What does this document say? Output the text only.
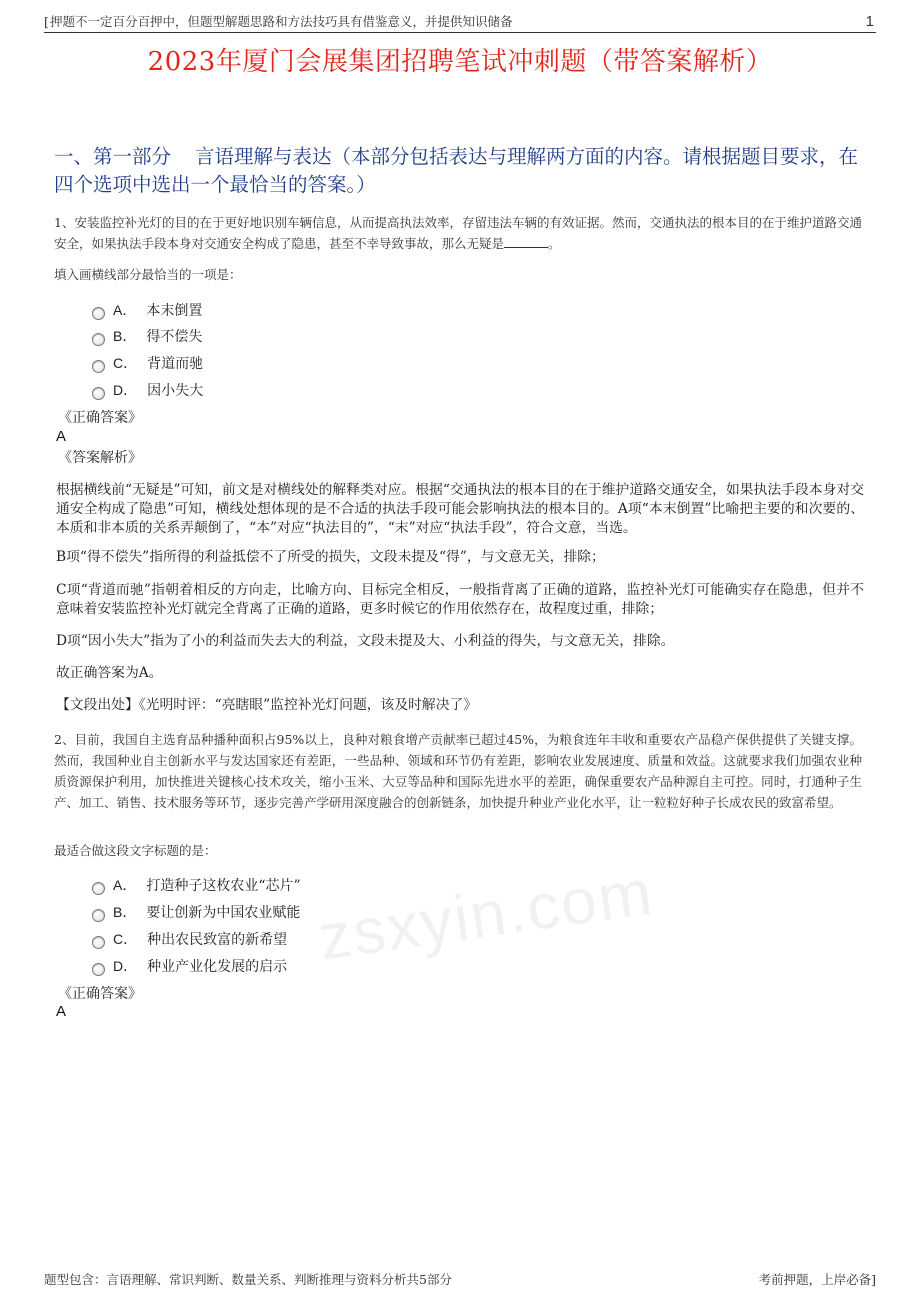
[ 押题不一定百分百押中，但题型解题思路和方法技巧具有借鉴意义，并提供知识储备	1
2023年厦门会展集团招聘笔试冲刺题（带答案解析）
一、第一部分 言语理解与表达（本部分包括表达与理解两方面的内容。请根据题目要求，在四个选项中选出一个最恰当的答案。）
1、安装监控补光灯的目的在于更好地识别车辆信息，从而提高执法效率，存留违法车辆的有效证据。然而，交通执法的根本目的在于维护道路交通安全，如果执法手段本身对交通安全构成了隐患，甚至不幸导致事故，那么无疑是	。
填入画横线部分最恰当的一项是：
A． 本末倒置
B． 得不偿失
C． 背道而驰
D． 因小失大
《正确答案》
A
《答案解析》
根据横线前“无疑是”可知，前文是对横线处的解释类对应。根据“交通执法的根本目的在于维护道路交通安全，如果执法手段本身对交通安全构成了隐患”可知，横线处想体现的是不合适的执法手段可能会影响执法的根本目的。A项“本末倒置”比喻把主要的和次要的、本质和非本质的关系弄颠倒了，“本”对应“执法目的”，“末”对应“执法手段”，符合文意，当选。
B项“得不偿失”指所得的利益抵偿不了所受的损失，文段未提及“得”，与文意无关，排除；
C项“背道而驰”指朝着相反的方向走，比喻方向、目标完全相反，一般指背离了正确的道路，监控补光灯可能确实存在隐患，但并不意味着安装监控补光灯就完全背离了正确的道路，更多时候它的作用依然存在，故程度过重，排除；
D项“因小失大”指为了小的利益而失去大的利益，文段未提及大、小利益的得失，与文意无关，排除。
故正确答案为A。
【文段出处】《光明时评：“亮瞎眼”监控补光灯问题，该及时解决了》
2、目前，我国自主选育品种播种面积占95%以上，良种对粮食增产贡献率已超过45%，为粮食连年丰收和重要农产品稳产保供提供了关键支撑。然而，我国种业自主创新水平与发达国家还有差距，一些品种、领域和环节仍有差距，影响农业发展速度、质量和效益。这就要求我们加强农业种质资源保护利用，加快推进关键核心技术攻关，缩小玉米、大豆等品种和国际先进水平的差距，确保重要农产品种源自主可控。同时，打通种子生产、加工、销售、技术服务等环节，逐步完善产学研用深度融合的创新链条，加快提升种业产业化水平，让一粒粒好种子长成农民的致富希望。
最适合做这段文字标题的是：
A． 打造种子这枚农业“芯片”
B． 要让创新为中国农业赋能
C． 种出农民致富的新希望
D． 种业产业化发展的启示
《正确答案》
A
zsxyin.com
题型包含：言语理解、常识判断、数量关系、判断推理与资料分析共5部分	考前押题，上岸必备]
